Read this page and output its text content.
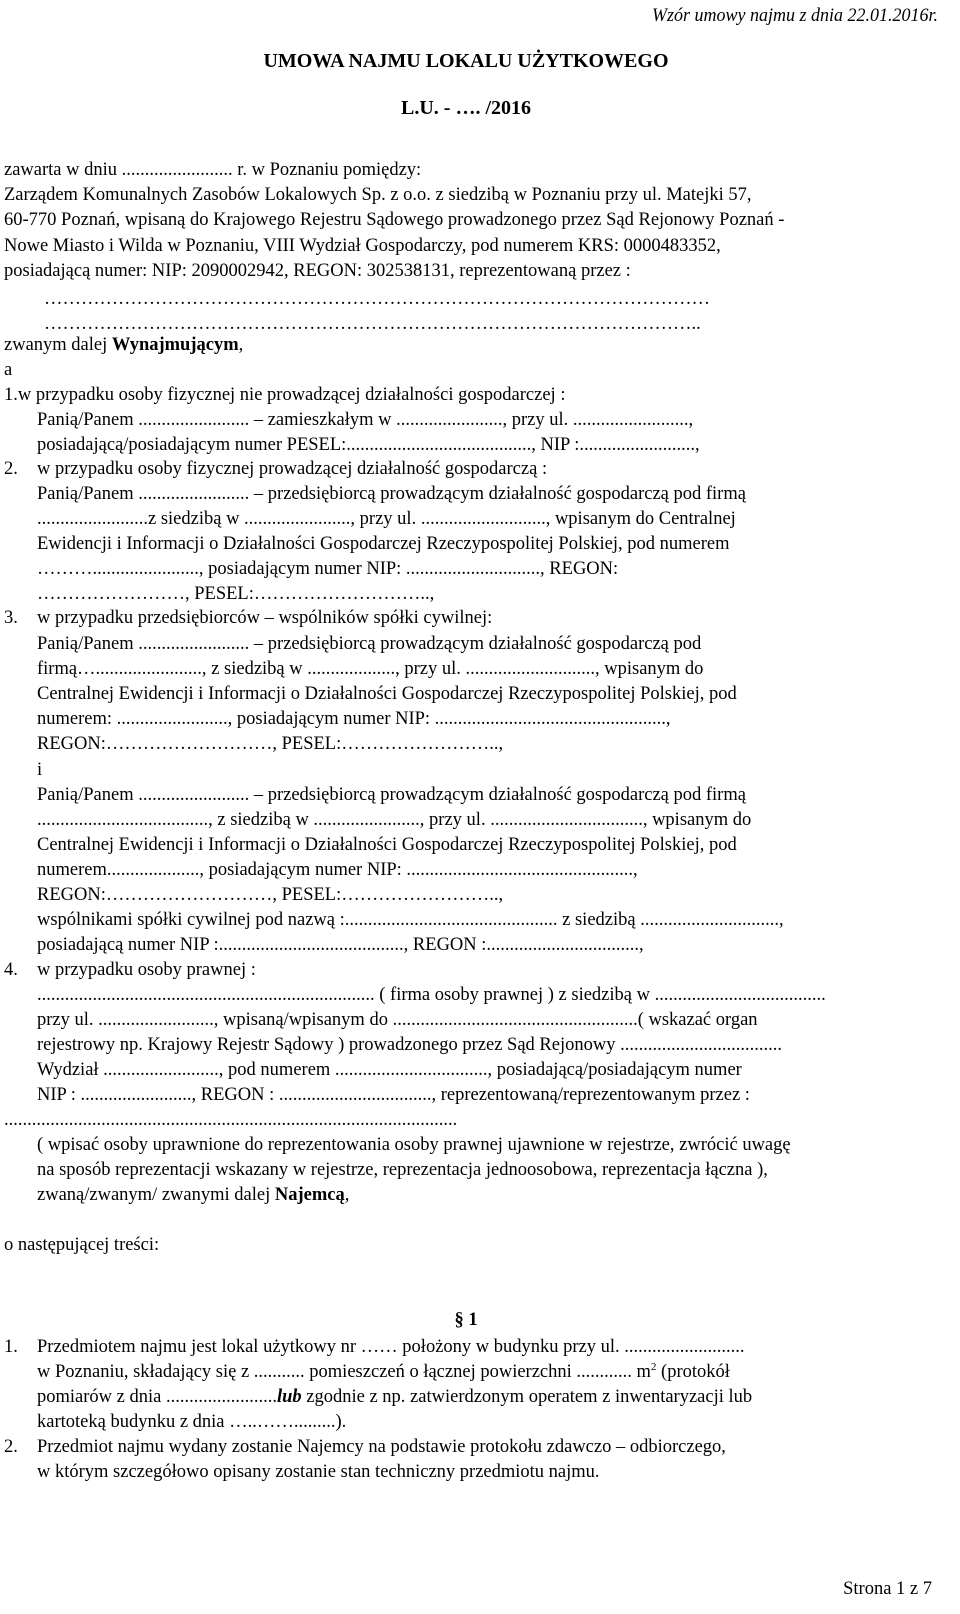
Wzór umowy najmu z dnia 22.01.2016r.
UMOWA NAJMU LOKALU UŻYTKOWEGO
L.U. - …. /2016
zawarta w dniu ........................ r. w Poznaniu pomiędzy:
Zarządem Komunalnych Zasobów Lokalowych Sp. z o.o. z siedzibą w Poznaniu przy ul. Matejki 57,
60-770 Poznań, wpisaną do Krajowego Rejestru Sądowego prowadzonego przez Sąd Rejonowy Poznań -
Nowe Miasto i Wilda w Poznaniu, VIII Wydział Gospodarczy, pod numerem KRS: 0000483352,
posiadającą numer: NIP: 2090002942, REGON: 302538131, reprezentowaną przez :
………………………………………………………………………………………………
……………………………………………………………………………………………..
zwanym dalej Wynajmującym,
a
1.w przypadku osoby fizycznej nie prowadzącej działalności gospodarczej :
Panią/Panem ........................ – zamieszkałym w ......................., przy ul. .........................,
posiadającą/posiadającym numer PESEL:........................................, NIP :.........................,
2. w przypadku osoby fizycznej prowadzącej działalność gospodarczą :
Panią/Panem ........................ – przedsiębiorcą prowadzącym działalność gospodarczą pod firmą
........................z siedzibą w ......................., przy ul. ..........................., wpisanym do Centralnej
Ewidencji i Informacji o Działalności Gospodarczej Rzeczypospolitej Polskiej, pod numerem
………......................., posiadającym numer NIP: ............................., REGON:
……………………, PESEL:………………………..,
3. w przypadku przedsiębiorców – wspólników spółki cywilnej:
Panią/Panem ........................ – przedsiębiorcą prowadzącym działalność gospodarczą pod
firmą…......................., z siedzibą w ..................., przy ul. ............................, wpisanym do
Centralnej Ewidencji i Informacji o Działalności Gospodarczej Rzeczypospolitej Polskiej, pod
numerem: ........................, posiadającym numer NIP: ..................................................,
REGON:………………………, PESEL:……………………..,
i
Panią/Panem ........................ – przedsiębiorcą prowadzącym działalność gospodarczą pod firmą
....................................., z siedzibą w ......................., przy ul. ................................., wpisanym do
Centralnej Ewidencji i Informacji o Działalności Gospodarczej Rzeczypospolitej Polskiej, pod
numerem...................., posiadającym numer NIP: .................................................,
REGON:………………………, PESEL:……………………..,
wspólnikami spółki cywilnej pod nazwą :.............................................. z siedzibą ..............................,
posiadającą numer NIP :........................................, REGON :.................................,
4. w przypadku osoby prawnej :
......................................................................... ( firma osoby prawnej ) z siedzibą w .....................................
przy ul. ........................., wpisaną/wpisanym do .....................................................( wskazać organ
rejestrowy np. Krajowy Rejestr Sądowy ) prowadzonego przez Sąd Rejonowy ...................................
Wydział ........................., pod numerem ................................., posiadającą/posiadającym numer
NIP : ........................, REGON : ................................., reprezentowaną/reprezentowanym przez :
..................................................................................................
( wpisać osoby uprawnione do reprezentowania osoby prawnej ujawnione w rejestrze, zwrócić uwagę
na sposób reprezentacji wskazany w rejestrze, reprezentacja jednoosobowa, reprezentacja łączna ),
zwaną/zwanym/ zwanymi dalej Najemcą,
o następującej treści:
§ 1
1. Przedmiotem najmu jest lokal użytkowy nr …… położony w budynku przy ul. ..........................
w Poznaniu, składający się z ........... pomieszczeń o łącznej powierzchni ............ $m^2$ (protokół
pomiarów z dnia ........................lub zgodnie z np. zatwierdzonym operatem z inwentaryzacji lub
kartoteką budynku z dnia …..…….........).
2. Przedmiot najmu wydany zostanie Najemcy na podstawie protokołu zdawczo – odbiorczego,
w którym szczegółowo opisany zostanie stan techniczny przedmiotu najmu.
Strona 1 z 7
